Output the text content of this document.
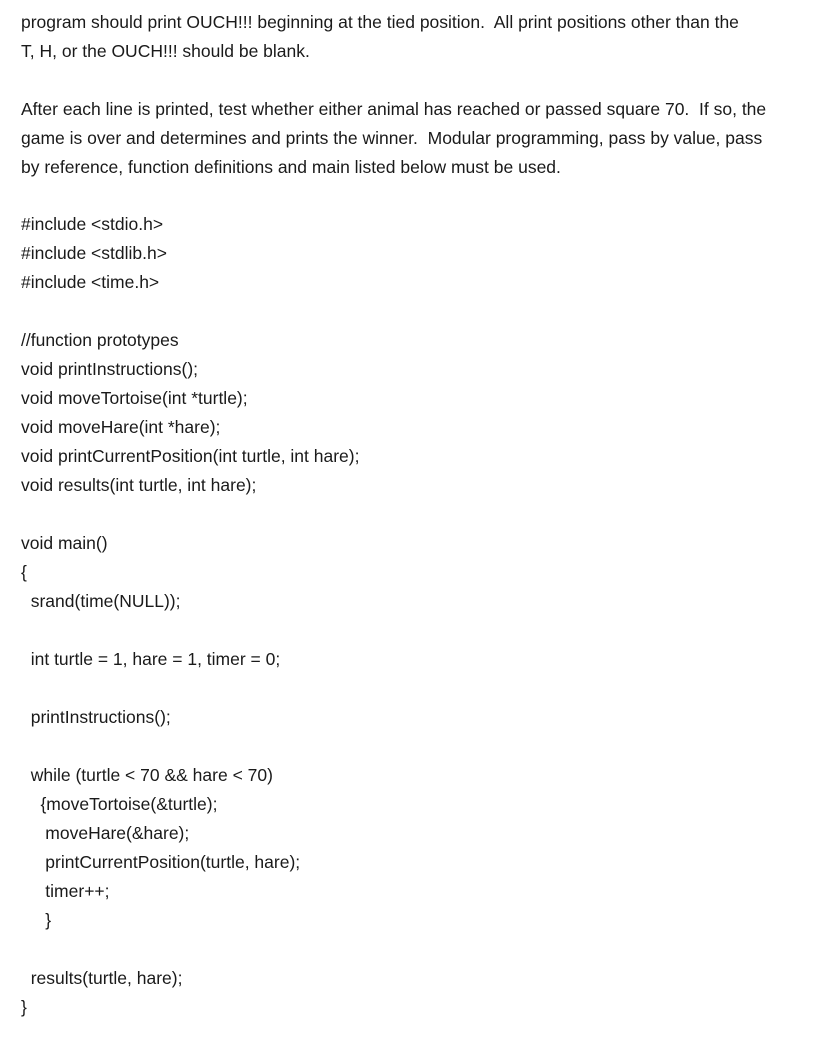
program should print OUCH!!! beginning at the tied position.  All print positions other than the
T, H, or the OUCH!!! should be blank.
After each line is printed, test whether either animal has reached or passed square 70.  If so, the
game is over and determines and prints the winner.  Modular programming, pass by value, pass
by reference, function definitions and main listed below must be used.
#include <stdio.h>
#include <stdlib.h>
#include <time.h>
//function prototypes
void printInstructions();
void moveTortoise(int *turtle);
void moveHare(int *hare);
void printCurrentPosition(int turtle, int hare);
void results(int turtle, int hare);
void main()
{
srand(time(NULL));
int turtle = 1, hare = 1, timer = 0;
printInstructions();
while (turtle < 70 && hare < 70)
{moveTortoise(&turtle);
moveHare(&hare);
printCurrentPosition(turtle, hare);
timer++;
}
results(turtle, hare);
}
